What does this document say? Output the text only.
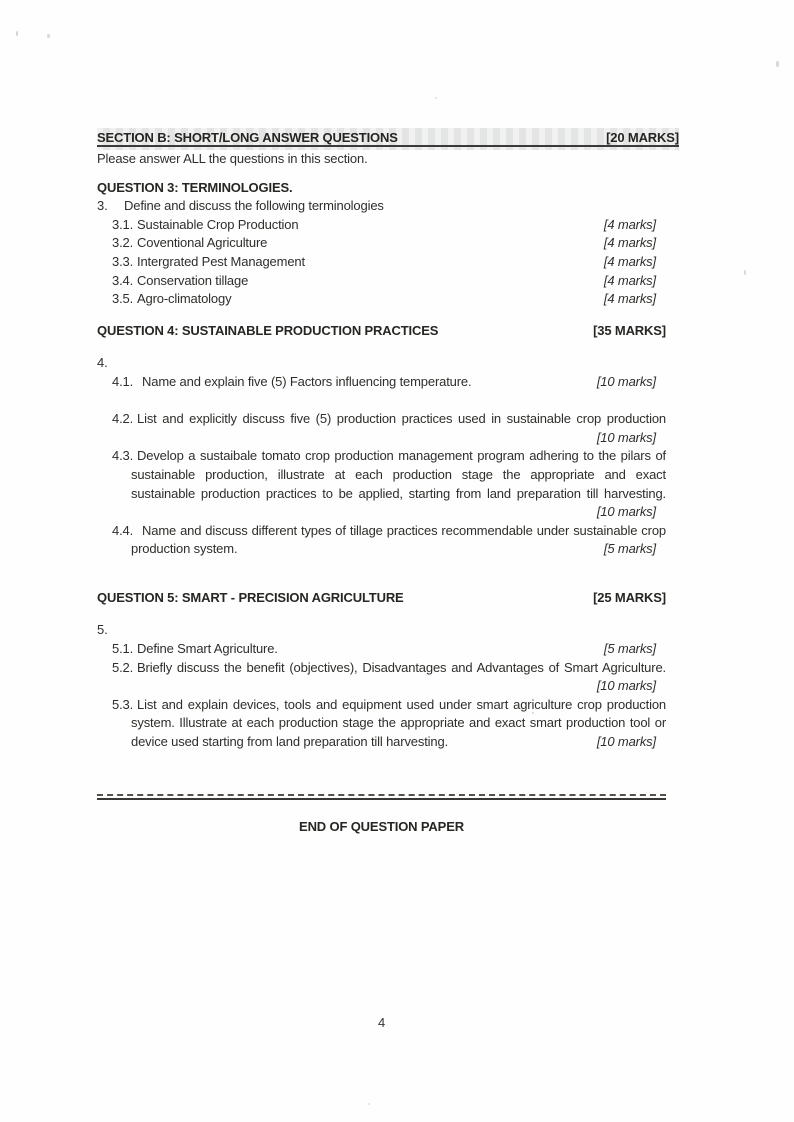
SECTION B: SHORT/LONG ANSWER QUESTIONS	[20 MARKS]
Please answer ALL the questions in this section.
QUESTION 3: TERMINOLOGIES.
3.	Define and discuss the following terminologies
3.1. Sustainable Crop Production	[4 marks]
3.2. Coventional Agriculture	[4 marks]
3.3. Intergrated Pest Management	[4 marks]
3.4. Conservation tillage	[4 marks]
3.5. Agro-climatology	[4 marks]
QUESTION 4: SUSTAINABLE PRODUCTION PRACTICES	[35 MARKS]
4.
4.1. Name and explain five (5) Factors influencing temperature.	[10 marks]
4.2. List and explicitly discuss five (5) production practices used in sustainable crop production
[10 marks]
4.3. Develop a sustaibale tomato crop production management program adhering to the pilars of
sustainable production, illustrate at each production stage the appropriate and exact
sustainable production practices to be applied, starting from land preparation till harvesting.
[10 marks]
4.4. Name and discuss different types of tillage practices recommendable under sustainable crop
production system.	[5 marks]
QUESTION 5: SMART - PRECISION AGRICULTURE	[25 MARKS]
5.
5.1. Define Smart Agriculture.	[5 marks]
5.2. Briefly discuss the benefit (objectives), Disadvantages and Advantages of Smart Agriculture.
[10 marks]
5.3. List and explain devices, tools and equipment used under smart agriculture crop production
system. Illustrate at each production stage the appropriate and exact smart production tool or
device used starting from land preparation till harvesting.	[10 marks]
END OF QUESTION PAPER
4
